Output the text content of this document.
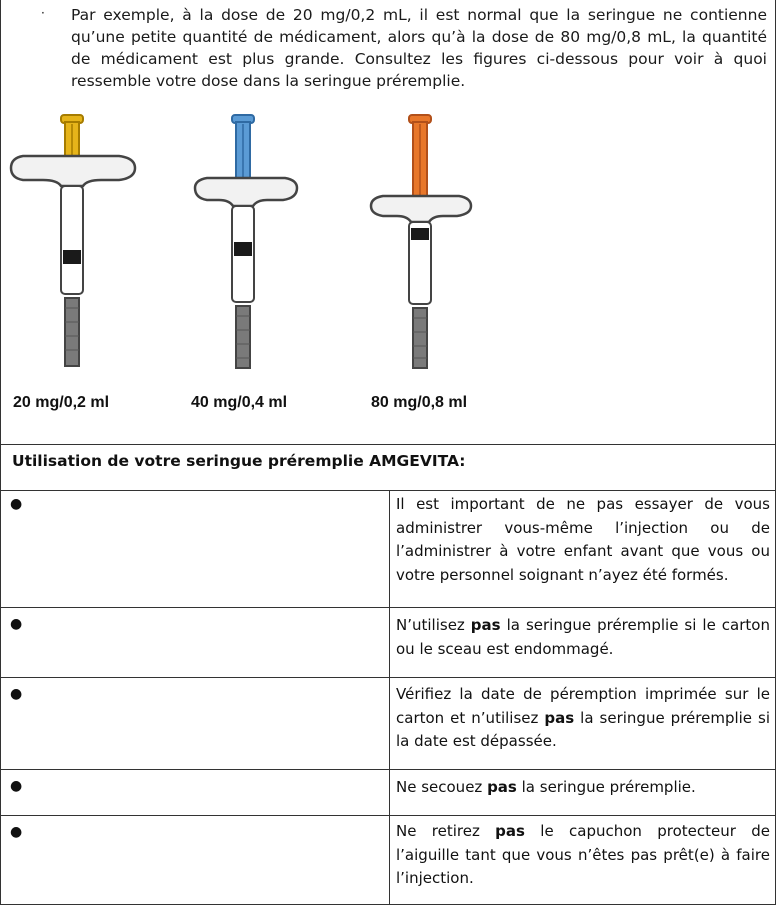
· Par exemple, à la dose de 20 mg/0,2 mL, il est normal que la seringue ne contienne qu’une petite quantité de médicament, alors qu’à la dose de 80 mg/0,8 mL, la quantité de médicament est plus grande. Consultez les figures ci-dessous pour voir à quoi ressemble votre dose dans la seringue préremplie.
20 mg/0,2 ml	40 mg/0,4 ml	80 mg/0,8 ml
Utilisation de votre seringue préremplie AMGEVITA:
●	Il est important de ne pas essayer de vous administrer vous-même l’injection ou de l’administrer à votre enfant avant que vous ou votre personnel soignant n’ayez été formés.
●	N’utilisez pas la seringue préremplie si le carton ou le sceau est endommagé.
●	Vérifiez la date de péremption imprimée sur le carton et n’utilisez pas la seringue préremplie si la date est dépassée.
●	Ne secouez pas la seringue préremplie.
●	Ne retirez pas le capuchon protecteur de l’aiguille tant que vous n’êtes pas prêt(e) à faire l’injection.
